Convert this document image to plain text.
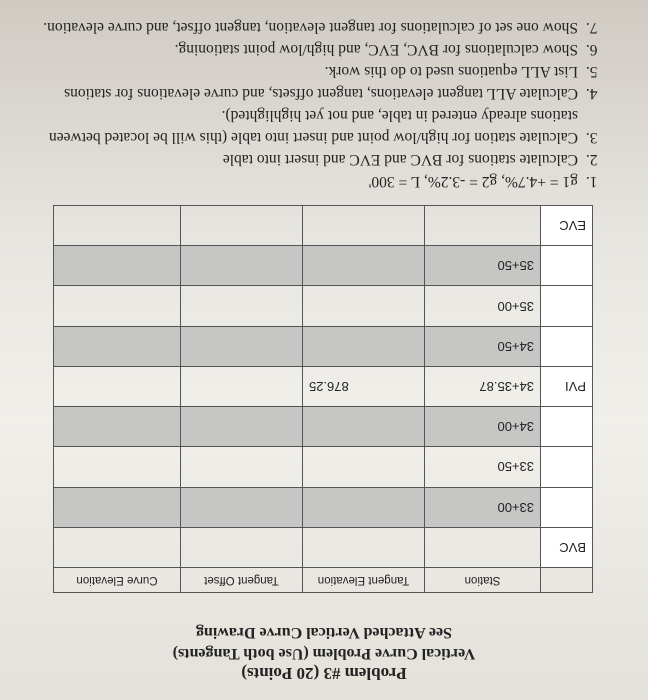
Problem #3 (20 Points)
Vertical Curve Problem (Use both Tangents)
See Attached Vertical Curve Drawing
	Station	Tangent Elevation	Tangent Offset	Curve Elevation
BVC				
	33+00			
	33+50			
	34+00			
PVI	34+35.87	876.25		
	34+50			
	35+00			
	35+50			
EVC				
1. g1 = +4.7%, g2 = -3.2%, L = 300'
2. Calculate stations for BVC and EVC and insert into table
3. Calculate station for high/low point and insert into table (this will be located between stations already entered in table, and not yet highlighted).
4. Calculate ALL tangent elevations, tangent offsets, and curve elevations for stations
5. List ALL equations used to do this work.
6. Show calculations for BVC, EVC, and high/low point stationing.
7. Show one set of calculations for tangent elevation, tangent offset, and curve elevation.
